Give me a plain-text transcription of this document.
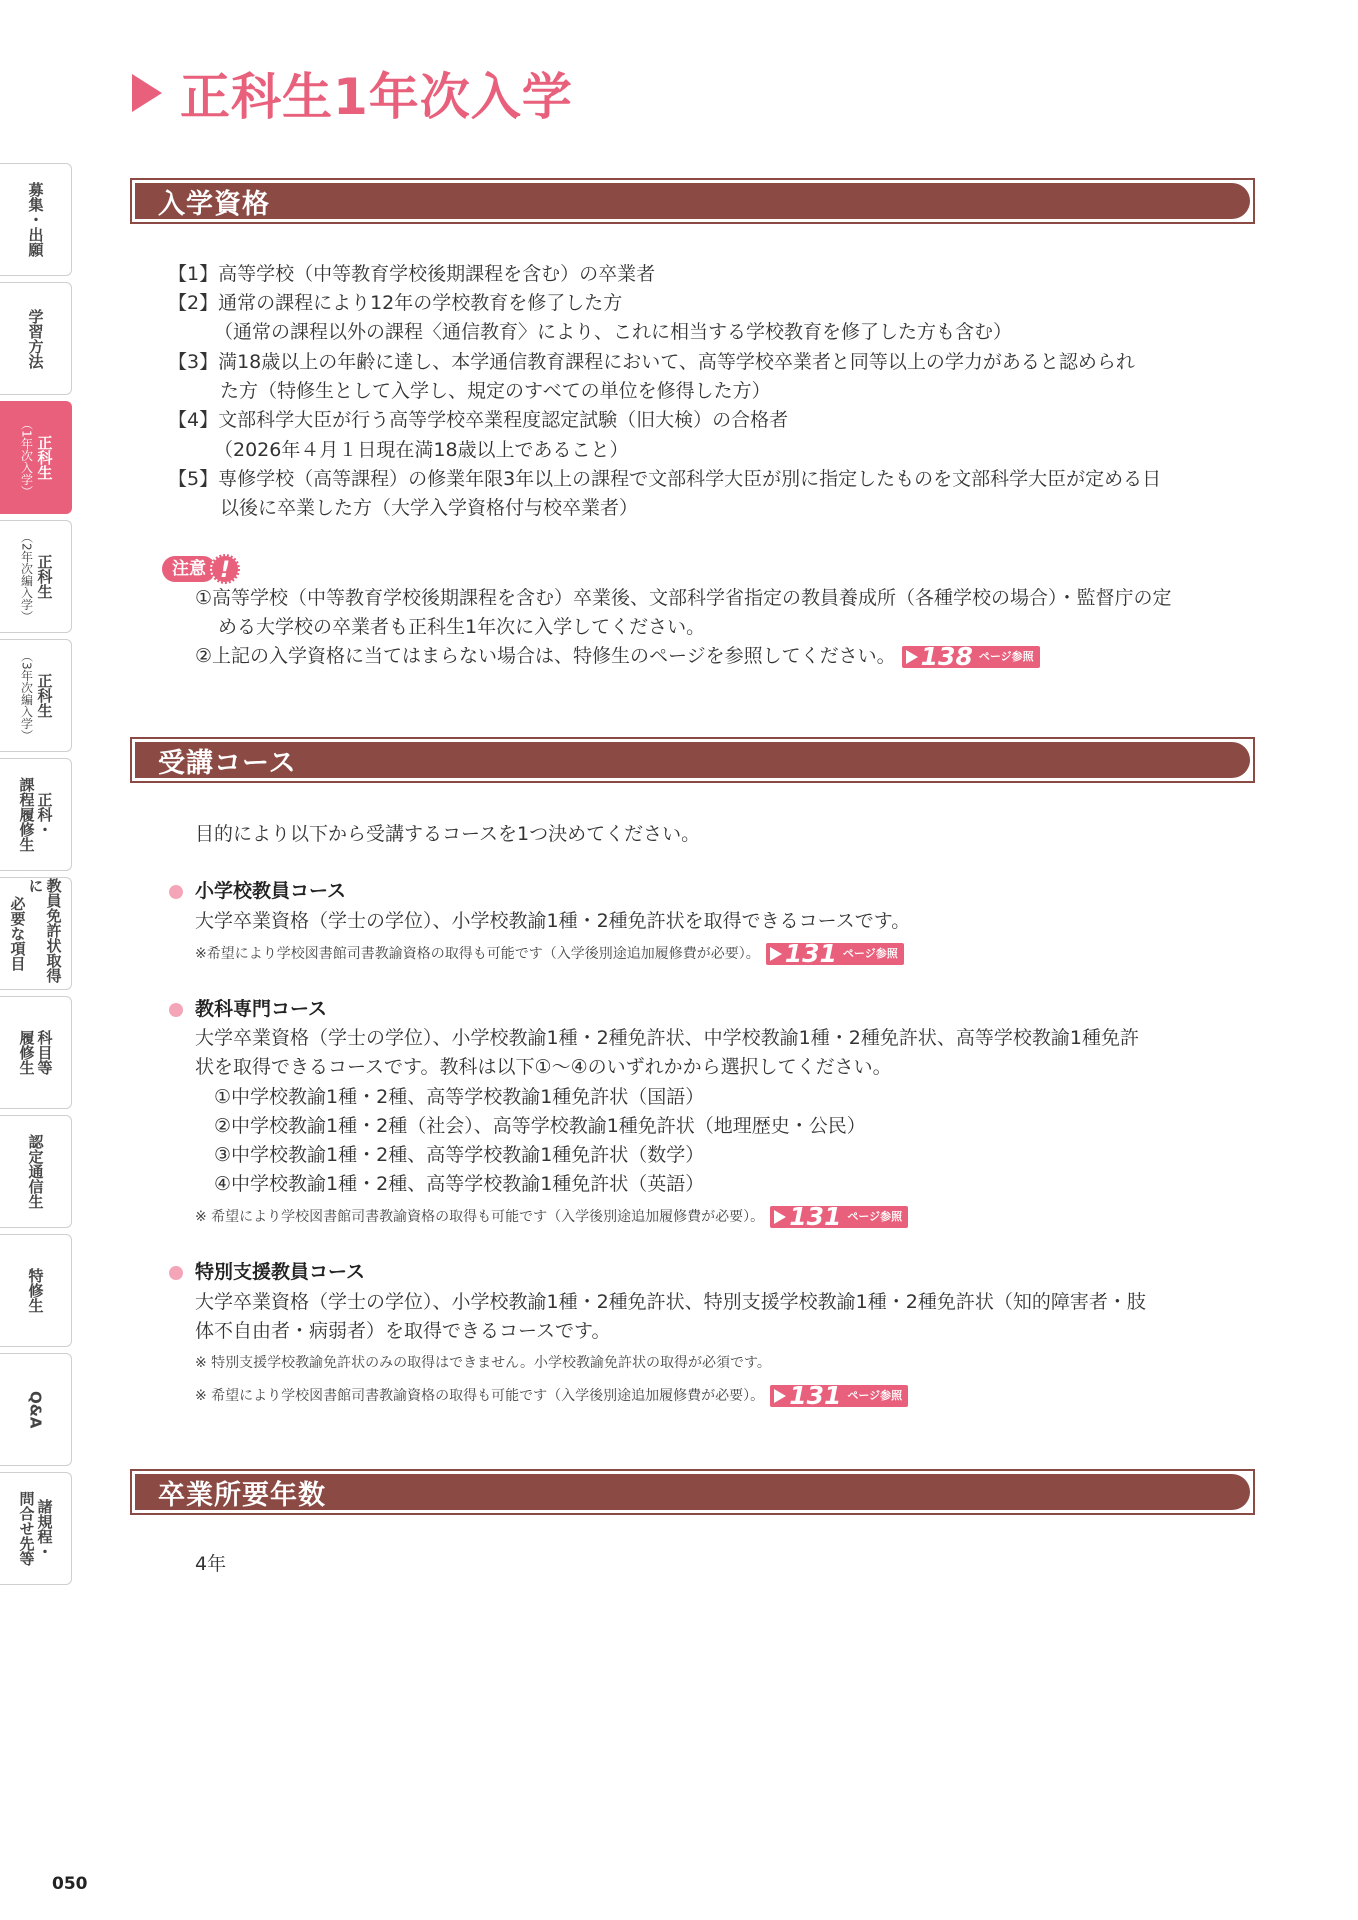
正科生1年次入学
募集・出願
学習方法
正科生
（1年次入学）
正科生
（2年次編入学）
正科生
（3年次編入学）
正科・
課程履修生
教員免許状取得に
必要な項目
科目等
履修生
認定通信生
特修生
Q&A
諸規程・
問合せ先等
入学資格
【1】高等学校（中等教育学校後期課程を含む）の卒業者
【2】通常の課程により12年の学校教育を修了した方
（通常の課程以外の課程〈通信教育〉により、これに相当する学校教育を修了した方も含む）
【3】満18歳以上の年齢に達し、本学通信教育課程において、高等学校卒業者と同等以上の学力があると認められ
た方（特修生として入学し、規定のすべての単位を修得した方）
【4】文部科学大臣が行う高等学校卒業程度認定試験（旧大検）の合格者
（2026年４月１日現在満18歳以上であること）
【5】専修学校（高等課程）の修業年限3年以上の課程で文部科学大臣が別に指定したものを文部科学大臣が定める日
以後に卒業した方（大学入学資格付与校卒業者）
注意 !
①高等学校（中等教育学校後期課程を含む）卒業後、文部科学省指定の教員養成所（各種学校の場合）・監督庁の定
める大学校の卒業者も正科生1年次に入学してください。
②上記の入学資格に当てはまらない場合は、特修生のページを参照してください。 138 ページ参照
受講コース
目的により以下から受講するコースを1つ決めてください。
小学校教員コース
大学卒業資格（学士の学位）、小学校教諭1種・2種免許状を取得できるコースです。
※希望により学校図書館司書教諭資格の取得も可能です（入学後別途追加履修費が必要）。 131 ページ参照
教科専門コース
大学卒業資格（学士の学位）、小学校教諭1種・2種免許状、中学校教諭1種・2種免許状、高等学校教諭1種免許
状を取得できるコースです。教科は以下①〜④のいずれかから選択してください。
①中学校教諭1種・2種、高等学校教諭1種免許状（国語）
②中学校教諭1種・2種（社会）、高等学校教諭1種免許状（地理歴史・公民）
③中学校教諭1種・2種、高等学校教諭1種免許状（数学）
④中学校教諭1種・2種、高等学校教諭1種免許状（英語）
※ 希望により学校図書館司書教諭資格の取得も可能です（入学後別途追加履修費が必要）。 131 ページ参照
特別支援教員コース
大学卒業資格（学士の学位）、小学校教諭1種・2種免許状、特別支援学校教諭1種・2種免許状（知的障害者・肢
体不自由者・病弱者）を取得できるコースです。
※ 特別支援学校教諭免許状のみの取得はできません。小学校教諭免許状の取得が必須です。
※ 希望により学校図書館司書教諭資格の取得も可能です（入学後別途追加履修費が必要）。 131 ページ参照
卒業所要年数
4年
050
